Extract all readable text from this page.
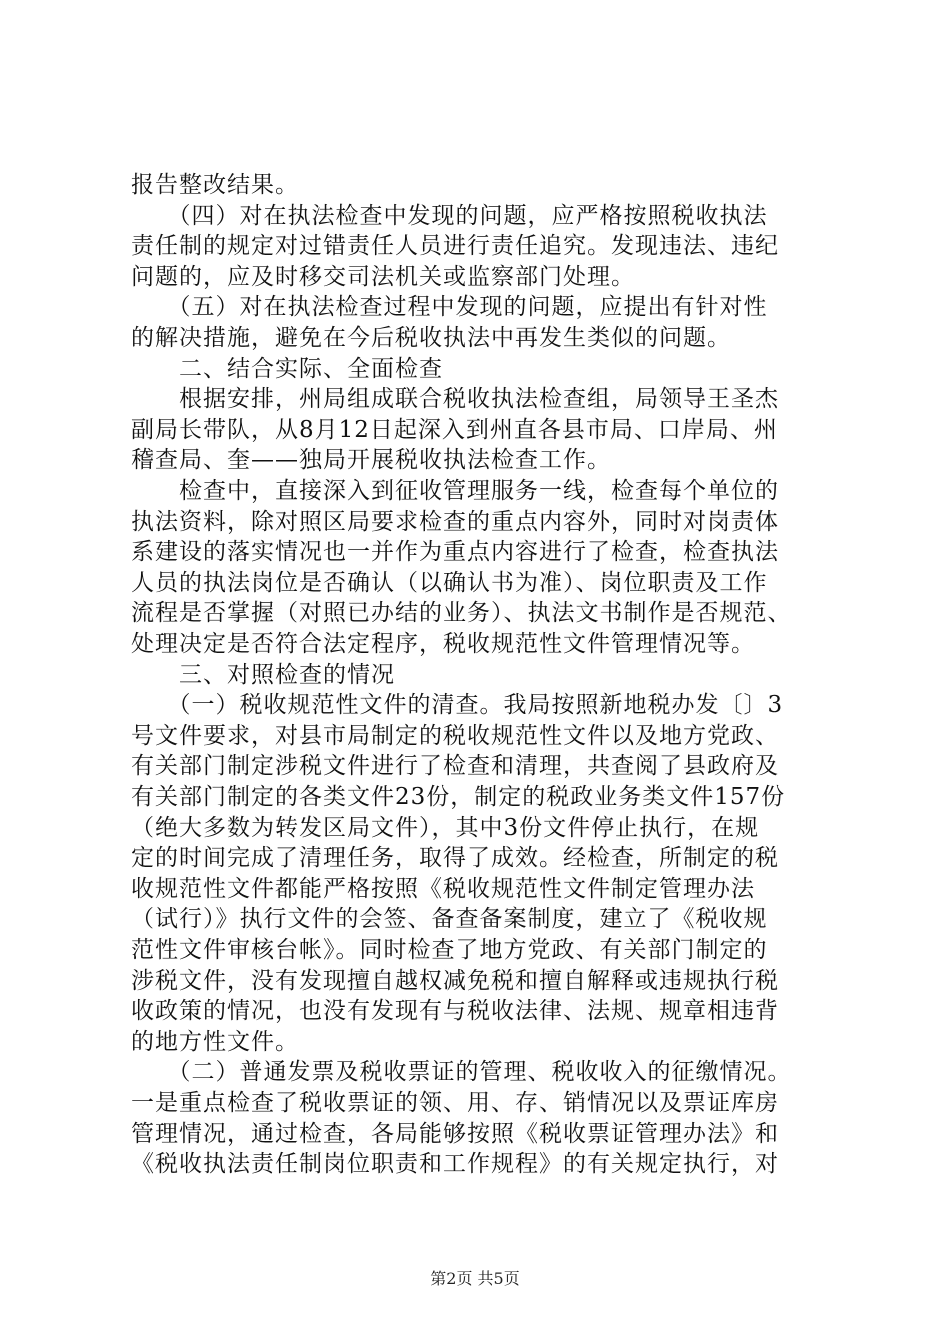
报告整改结果。
　　（四）对在执法检查中发现的问题，应严格按照税收执法
责任制的规定对过错责任人员进行责任追究。发现违法、违纪
问题的，应及时移交司法机关或监察部门处理。
　　（五）对在执法检查过程中发现的问题，应提出有针对性
的解决措施，避免在今后税收执法中再发生类似的问题。
　　二、结合实际、全面检查
　　根据安排，州局组成联合税收执法检查组，局领导王圣杰
副局长带队，从8月12日起深入到州直各县市局、口岸局、州
稽查局、奎——独局开展税收执法检查工作。
　　检查中，直接深入到征收管理服务一线，检查每个单位的
执法资料，除对照区局要求检查的重点内容外，同时对岗责体
系建设的落实情况也一并作为重点内容进行了检查，检查执法
人员的执法岗位是否确认（以确认书为准）、岗位职责及工作
流程是否掌握（对照已办结的业务）、执法文书制作是否规范、
处理决定是否符合法定程序，税收规范性文件管理情况等。
　　三、对照检查的情况
　　（一）税收规范性文件的清查。我局按照新地税办发〔〕3
号文件要求，对县市局制定的税收规范性文件以及地方党政、
有关部门制定涉税文件进行了检查和清理，共查阅了县政府及
有关部门制定的各类文件23份，制定的税政业务类文件157份
（绝大多数为转发区局文件），其中3份文件停止执行，在规
定的时间完成了清理任务，取得了成效。经检查，所制定的税
收规范性文件都能严格按照《税收规范性文件制定管理办法
（试行）》执行文件的会签、备查备案制度，建立了《税收规
范性文件审核台帐》。同时检查了地方党政、有关部门制定的
涉税文件，没有发现擅自越权减免税和擅自解释或违规执行税
收政策的情况，也没有发现有与税收法律、法规、规章相违背
的地方性文件。
　　（二）普通发票及税收票证的管理、税收收入的征缴情况。
一是重点检查了税收票证的领、用、存、销情况以及票证库房
管理情况，通过检查，各局能够按照《税收票证管理办法》和
《税收执法责任制岗位职责和工作规程》的有关规定执行，对
第2页 共5页
